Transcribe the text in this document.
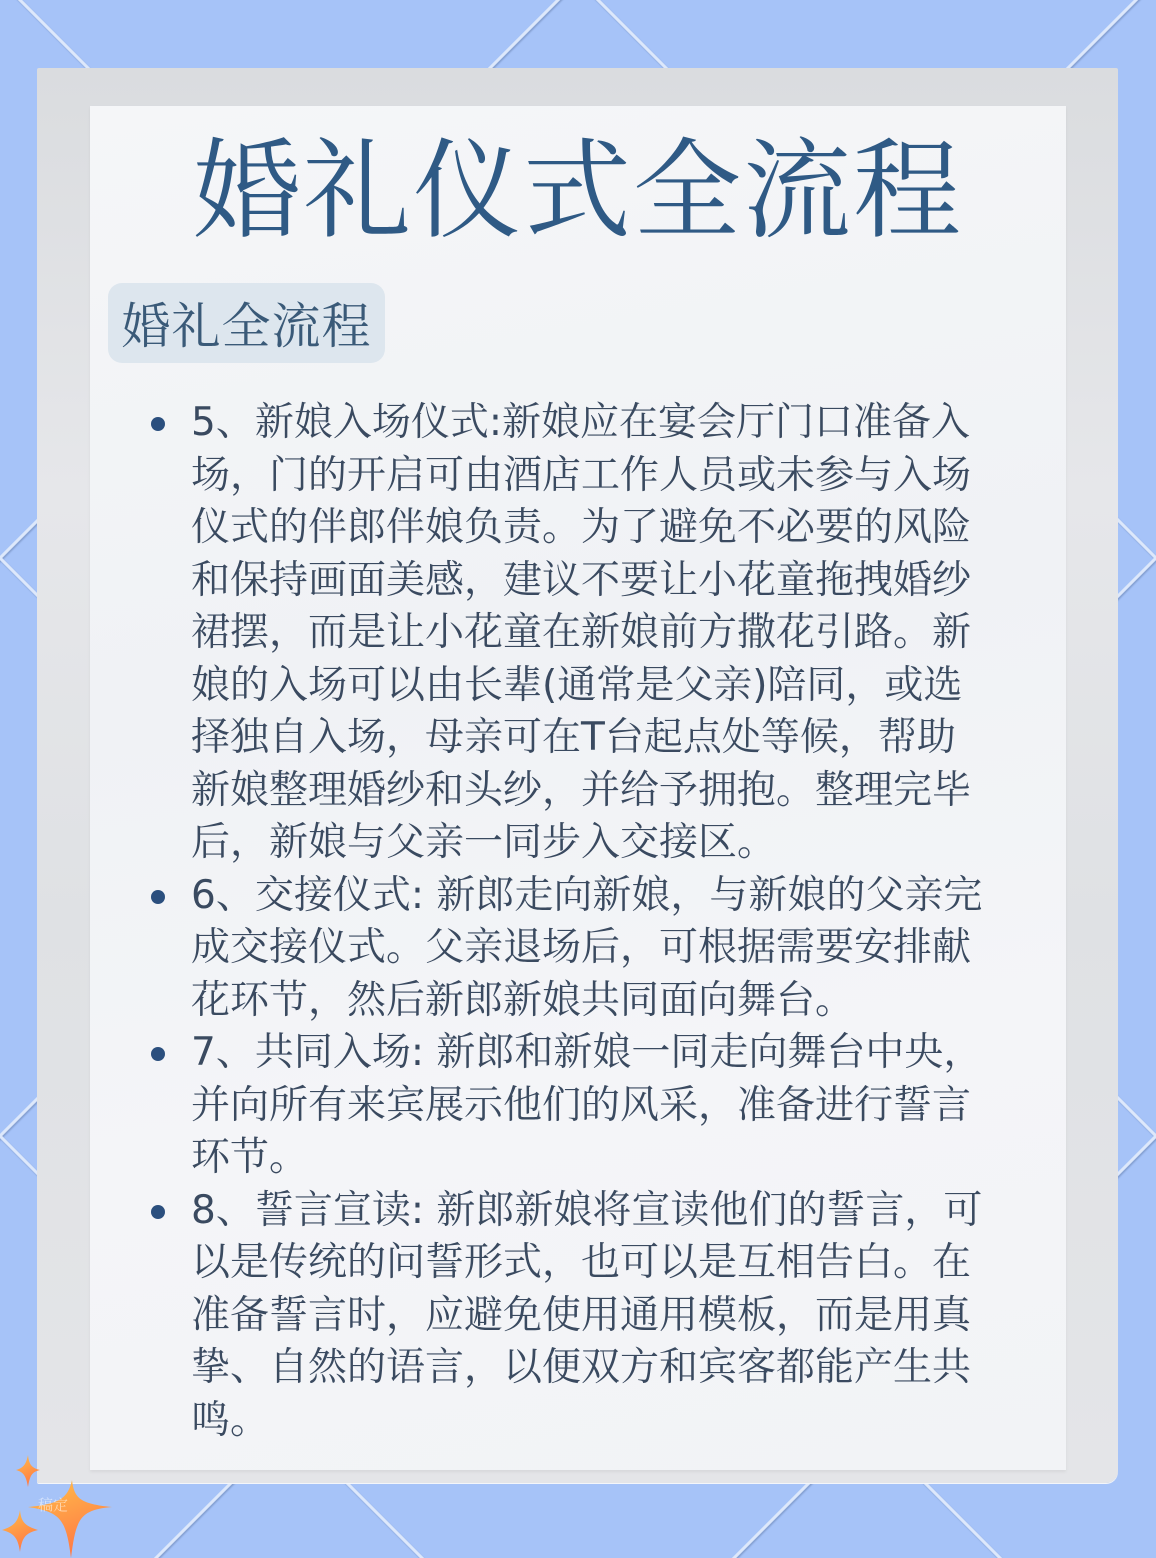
婚礼仪式全流程
婚礼全流程
5、新娘入场仪式:新娘应在宴会厅门口准备入
场，门的开启可由酒店工作人员或未参与入场
仪式的伴郎伴娘负责。为了避免不必要的风险
和保持画面美感，建议不要让小花童拖拽婚纱
裙摆，而是让小花童在新娘前方撒花引路。新
娘的入场可以由长辈(通常是父亲)陪同，或选
择独自入场，母亲可在T台起点处等候，帮助
新娘整理婚纱和头纱，并给予拥抱。整理完毕
后，新娘与父亲一同步入交接区。
6、交接仪式: 新郎走向新娘，与新娘的父亲完
成交接仪式。父亲退场后，可根据需要安排献
花环节，然后新郎新娘共同面向舞台。
7、共同入场: 新郎和新娘一同走向舞台中央，
并向所有来宾展示他们的风采，准备进行誓言
环节。
8、誓言宣读: 新郎新娘将宣读他们的誓言，可
以是传统的问誓形式，也可以是互相告白。在
准备誓言时，应避免使用通用模板，而是用真
挚、自然的语言，以便双方和宾客都能产生共
鸣。
稿定
